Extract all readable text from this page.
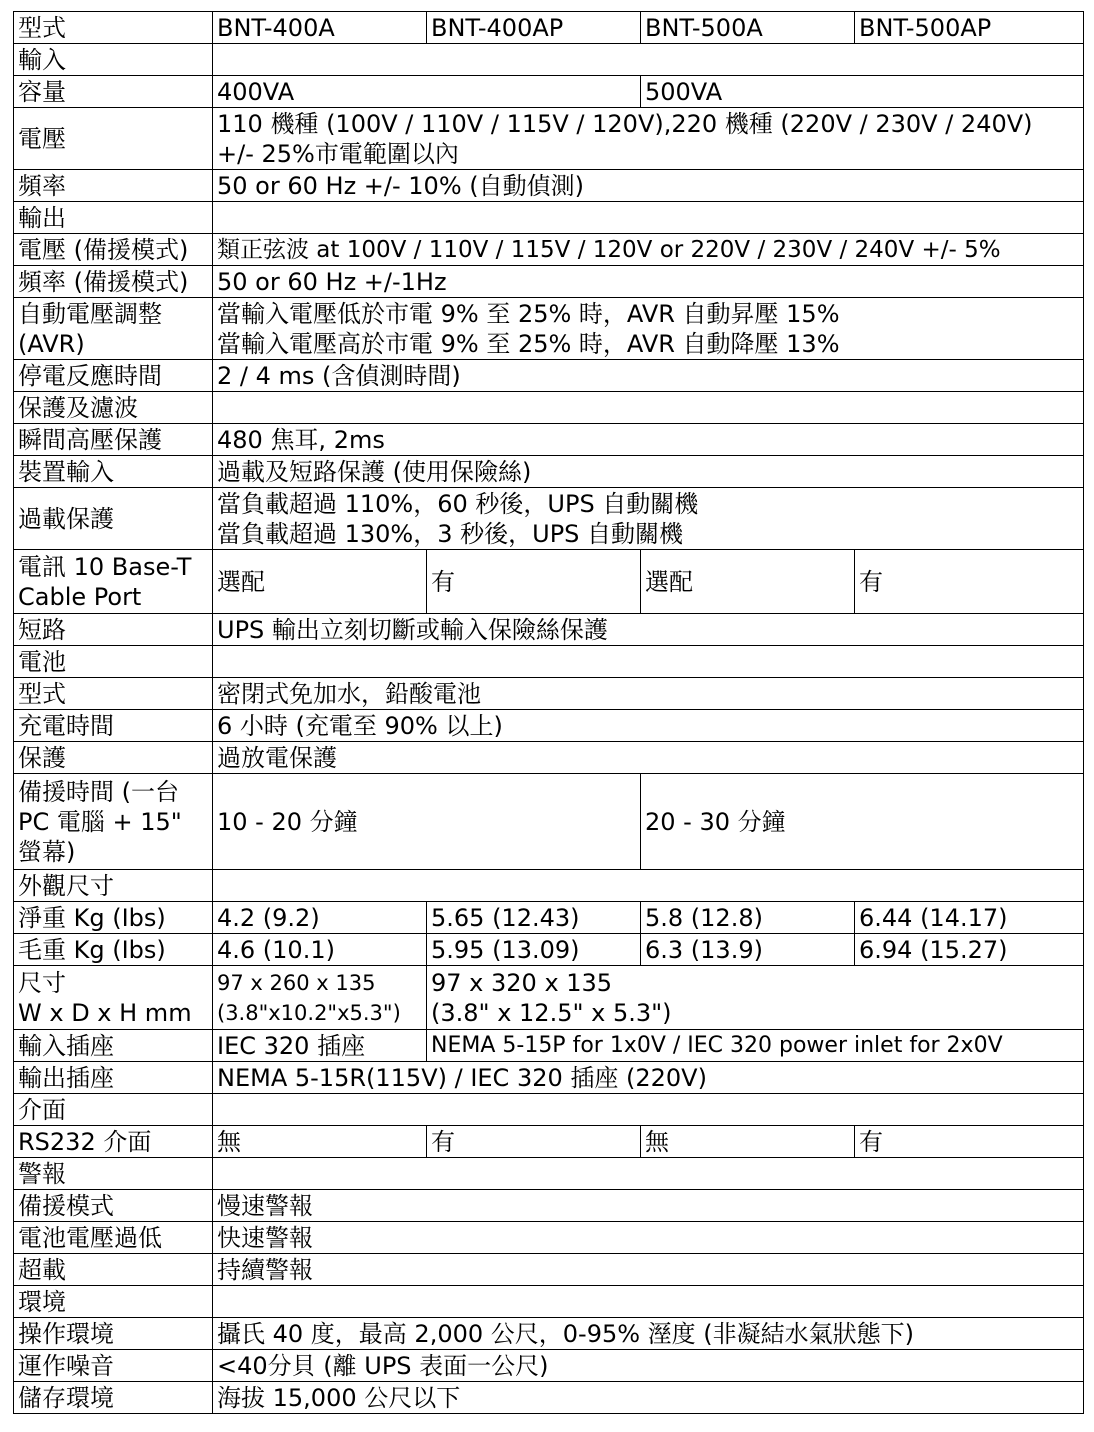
型式	BNT-400A	BNT-400AP	BNT-500A	BNT-500AP
輸入				
容量	400VA		500VA	
電壓	110 機種 (100V / 110V / 115V / 120V),220 機種 (220V / 230V / 240V)
+/- 25%市電範圍以內			

頻率	50 or 60 Hz +/- 10% (自動偵測)			
輸出				
電壓 (備援模式)	類正弦波 at 100V / 110V / 115V / 120V or 220V / 230V / 240V +/- 5%			
頻率 (備援模式)	50 or 60 Hz +/-1Hz			

自動電壓調整
(AVR)	當輸入電壓低於市電 9% 至 25% 時，AVR 自動昇壓 15%
當輸入電壓高於市電 9% 至 25% 時，AVR 自動降壓 13%			

停電反應時間	2 / 4 ms (含偵測時間)			
保護及濾波				
瞬間高壓保護	480 焦耳, 2ms			
裝置輸入	過載及短路保護 (使用保險絲)			
過載保護	當負載超過 110%，60 秒後，UPS 自動關機
當負載超過 130%，3 秒後，UPS 自動關機			

電訊 10 Base-T
Cable Port	選配	有	選配	有
短路	UPS 輸出立刻切斷或輸入保險絲保護			
電池				
型式	密閉式免加水，鉛酸電池			
充電時間	6 小時 (充電至 90% 以上)			
保護	過放電保護			

備援時間 (一台
PC 電腦 + 15"
螢幕)	10 - 20 分鐘		20 - 30 分鐘	
外觀尺寸				
淨重 Kg (Ibs)	4.2 (9.2)	5.65 (12.43)	5.8 (12.8)	6.44 (14.17)
毛重 Kg (Ibs)	4.6 (10.1)	5.95 (13.09)	6.3 (13.9)	6.94 (15.27)

尺寸
W x D x H mm	97 x 260 x 135
(3.8"x10.2"x5.3")	97 x 320 x 135
(3.8" x 12.5" x 5.3")		

輸入插座	IEC 320 插座	NEMA 5-15P for 1x0V / IEC 320 power inlet for 2x0V		
輸出插座	NEMA 5-15R(115V) / IEC 320 插座 (220V)			
介面				
RS232 介面	無	有	無	有
警報				
備援模式	慢速警報			
電池電壓過低	快速警報			
超載	持續警報			
環境				
操作環境	攝氏 40 度，最高 2,000 公尺，0-95% 溼度 (非凝結水氣狀態下)			
運作噪音	<40分貝 (離 UPS 表面一公尺)			
儲存環境	海拔 15,000 公尺以下			
